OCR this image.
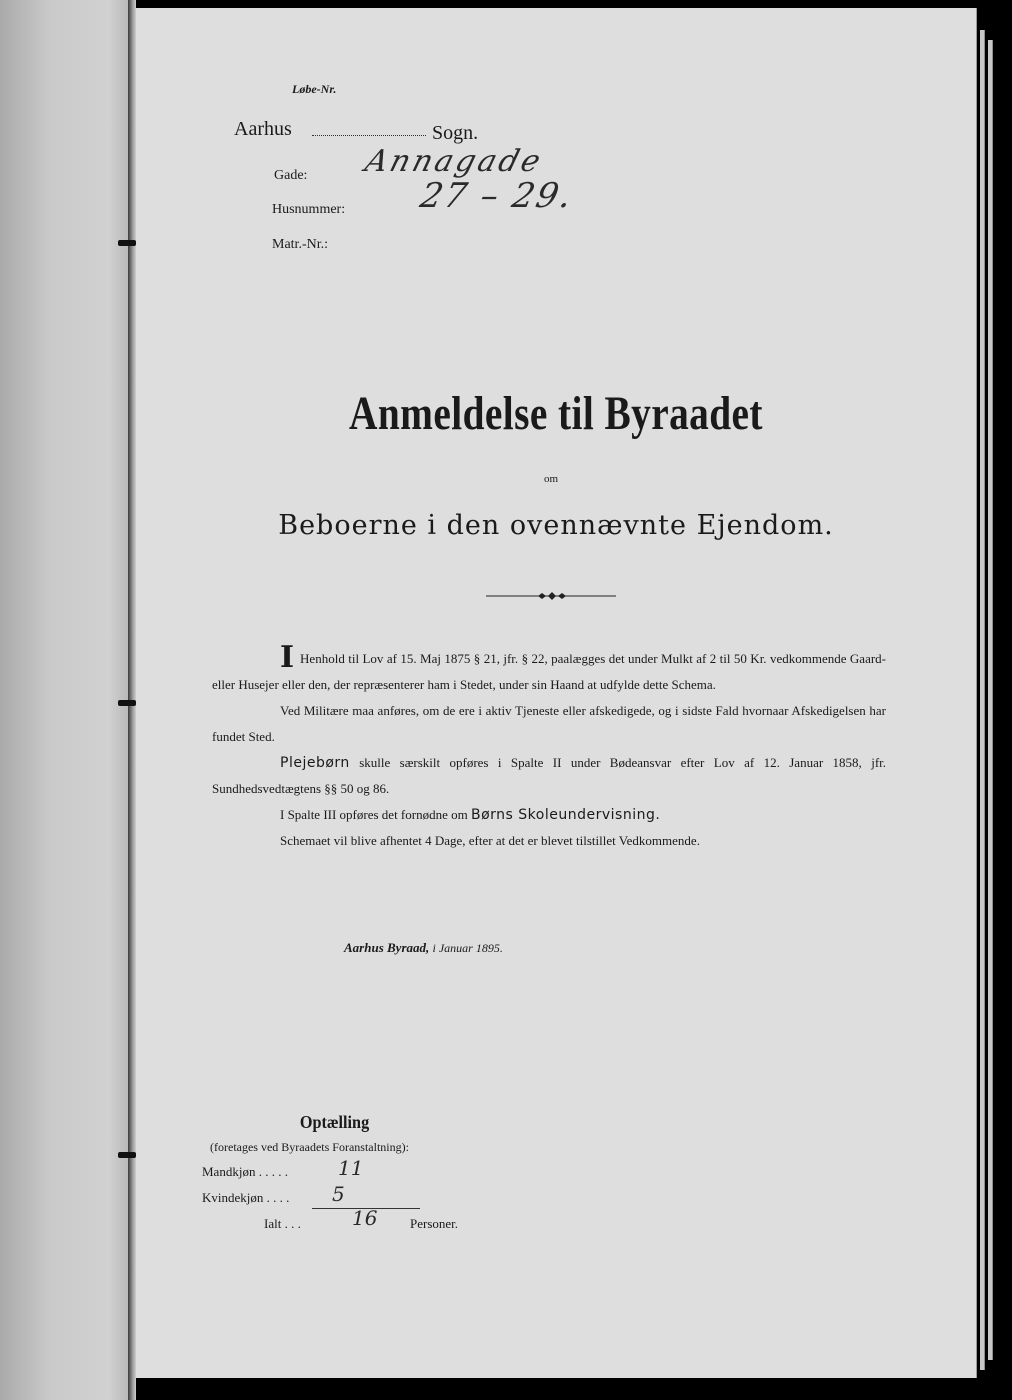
Løbe-Nr.
Aarhus	Sogn.
Gade: Annagade
Husnummer: 27 – 29.
Matr.-Nr.:
Anmeldelse til Byraadet
om
Beboerne i den ovennævnte Ejendom.

I Henhold til Lov af 15. Maj 1875 § 21, jfr. § 22, paalægges det under Mulkt af 2 til 50 Kr. vedkommende Gaard- eller Husejer eller den, der repræsenterer ham i Stedet, under sin Haand at udfylde dette Schema.

Ved Militære maa anføres, om de ere i aktiv Tjeneste eller afskedigede, og i sidste Fald hvornaar Afskedigelsen har fundet Sted.

Plejebørn skulle særskilt opføres i Spalte II under Bødeansvar efter Lov af 12. Januar 1858, jfr. Sundhedsvedtægtens §§ 50 og 86.

I Spalte III opføres det fornødne om Børns Skoleundervisning.

Schemaet vil blive afhentet 4 Dage, efter at det er blevet tilstillet Vedkommende.

Aarhus Byraad, i Januar 1895.
Optælling
(foretages ved Byraadets Foranstaltning):
Mandkjøn . . . . .	11
Kvindekjøn . . . . 5
Ialt . . .	16	Personer.
